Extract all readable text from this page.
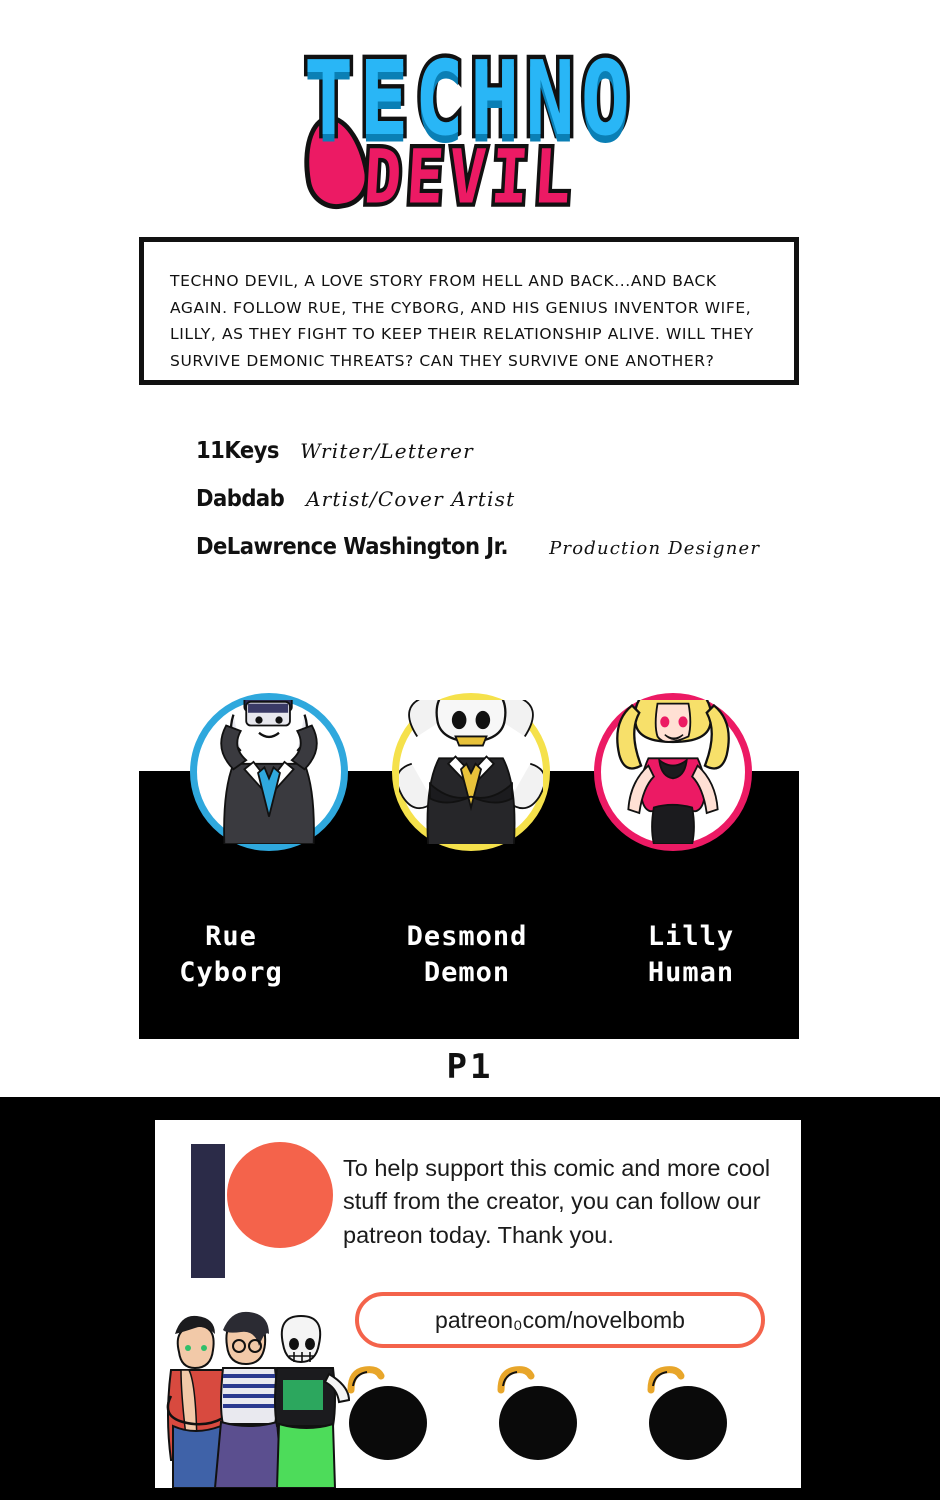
TECHNO
DEVIL

TECHNO DEVIL, A LOVE STORY FROM HELL AND BACK...AND BACK AGAIN. FOLLOW RUE, THE CYBORG, AND HIS GENIUS INVENTOR WIFE, LILLY, AS THEY FIGHT TO KEEP THEIR RELATIONSHIP ALIVE. WILL THEY SURVIVE DEMONIC THREATS? CAN THEY SURVIVE ONE ANOTHER?

11Keys Writer/Letterer
Dabdab Artist/Cover Artist
DeLawrence Washington Jr. Production Designer
Rue
Cyborg
Desmond
Demon
Lilly
Human
P1
To help support this comic and more cool stuff from the creator, you can follow our patreon today. Thank you.
patreon₀com/novelbomb
